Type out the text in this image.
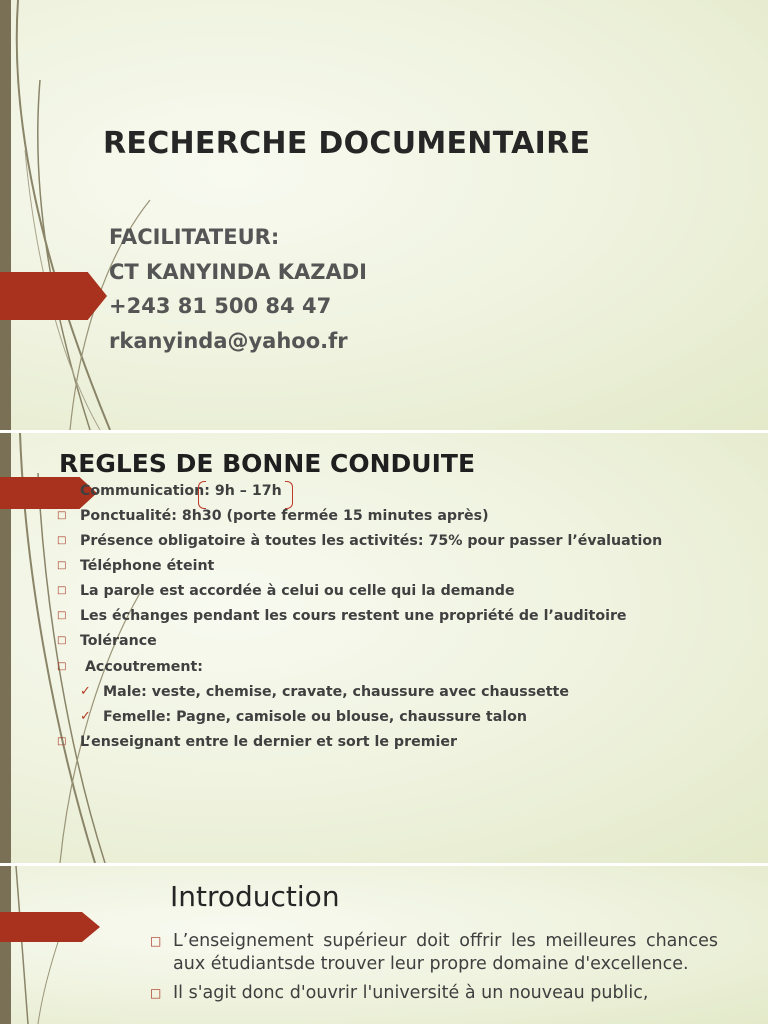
RECHERCHE DOCUMENTAIRE
FACILITATEUR:
CT KANYINDA KAZADI
+243 81 500 84 47
rkanyinda@yahoo.fr
REGLES DE BONNE CONDUITE
Communication: 9h – 17h
□ Ponctualité: 8h30 (porte fermée 15 minutes après)
□ Présence obligatoire à toutes les activités: 75% pour passer l’évaluation
□ Téléphone éteint
□ La parole est accordée à celui ou celle qui la demande
□ Les échanges pendant les cours restent une propriété de l’auditoire
□ Tolérance
□ Accoutrement:
✓ Male: veste, chemise, cravate, chaussure avec chaussette
✓ Femelle: Pagne, camisole ou blouse, chaussure talon
□ L’enseignant entre le dernier et sort le premier
Introduction
□ L’enseignement supérieur doit offrir les meilleures chances aux étudiantsde trouver leur propre domaine d'excellence.
□ Il s'agit donc d'ouvrir l'université à un nouveau public,
